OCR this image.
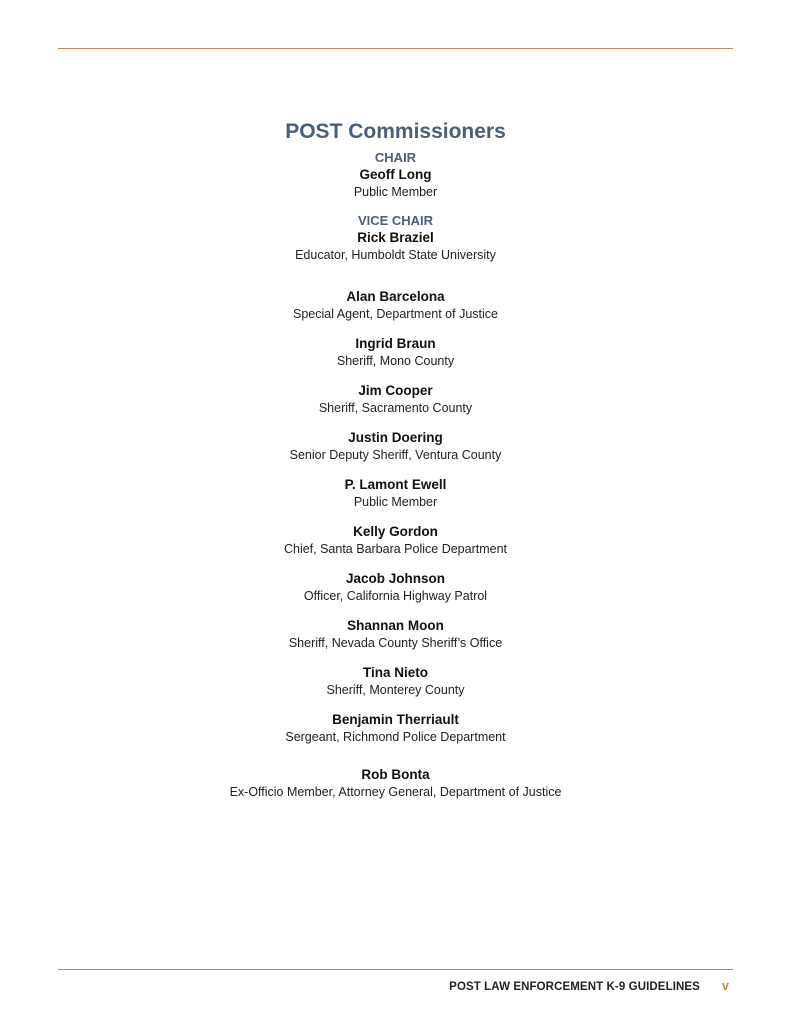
POST Commissioners
CHAIR
Geoff Long
Public Member
VICE CHAIR
Rick Braziel
Educator, Humboldt State University
Alan Barcelona
Special Agent, Department of Justice
Ingrid Braun
Sheriff, Mono County
Jim Cooper
Sheriff, Sacramento County
Justin Doering
Senior Deputy Sheriff, Ventura County
P. Lamont Ewell
Public Member
Kelly Gordon
Chief, Santa Barbara Police Department
Jacob Johnson
Officer, California Highway Patrol
Shannan Moon
Sheriff, Nevada County Sheriff’s Office
Tina Nieto
Sheriff, Monterey County
Benjamin Therriault
Sergeant, Richmond Police Department
Rob Bonta
Ex-Officio Member, Attorney General, Department of Justice
POST LAW ENFORCEMENT K-9 GUIDELINES v
